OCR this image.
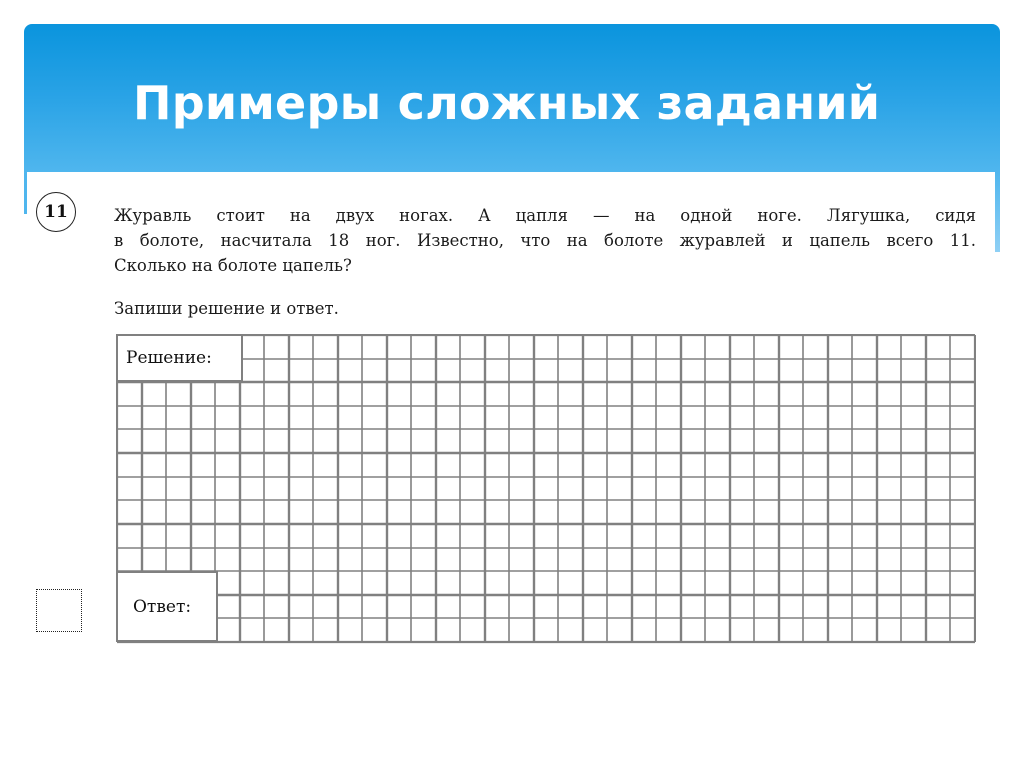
Примеры сложных заданий
11	Журавль стоит на двух ногах. А цапля — на одной ноге. Лягушка, сидя
в болоте, насчитала 18 ног. Известно, что на болоте журавлей и цапель всего 11.
Сколько на болоте цапель?
Запиши решение и ответ.
Решение:
Ответ:
